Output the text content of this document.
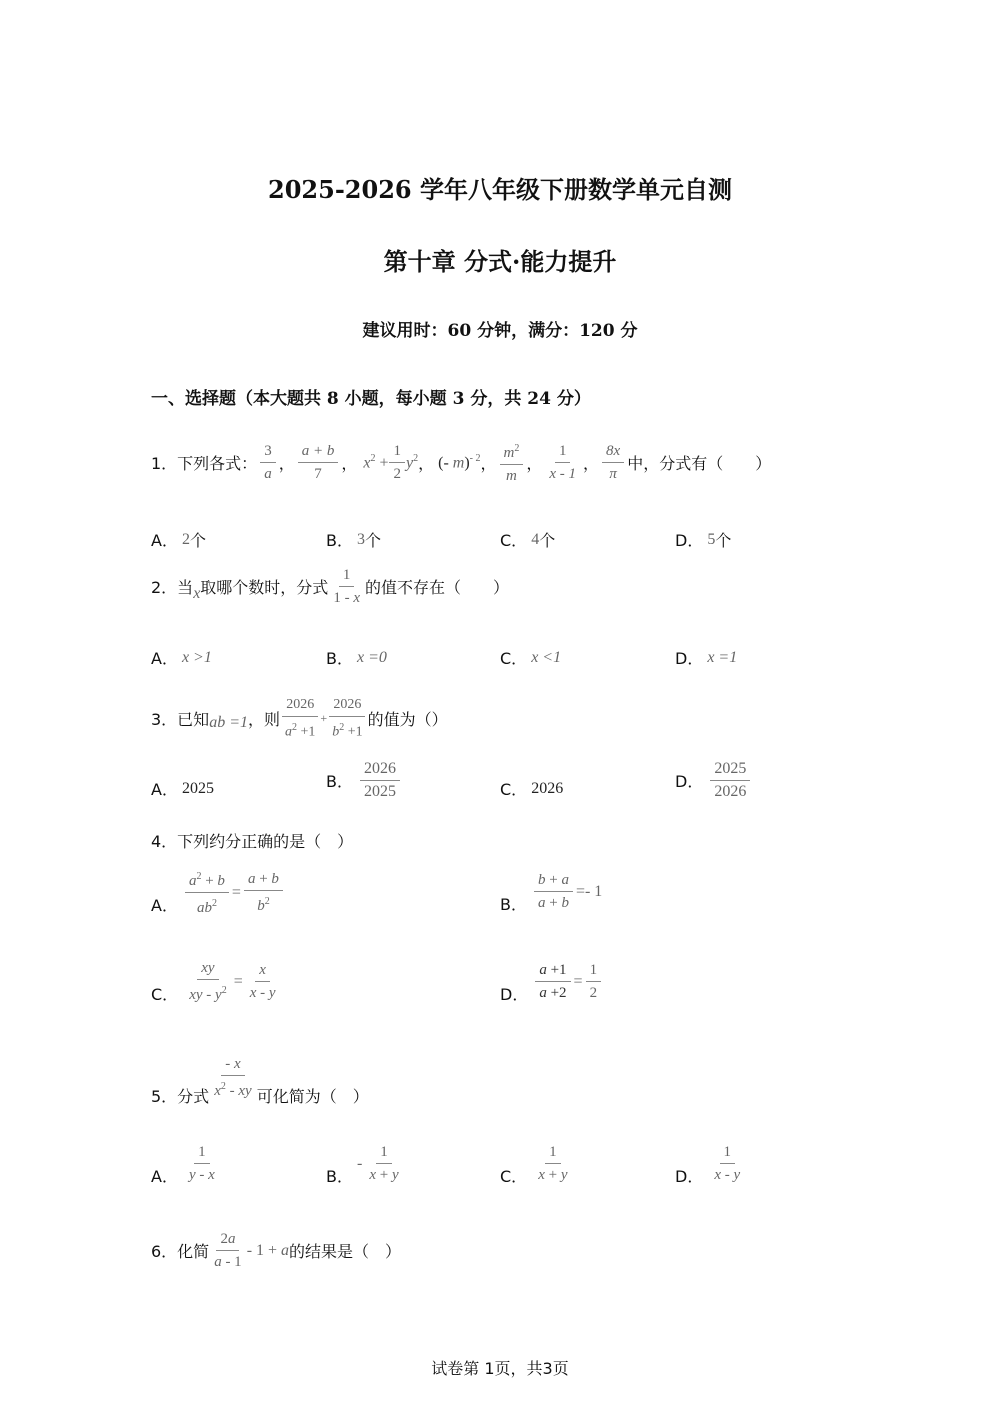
2025-2026 学年八年级下册数学单元自测
第十章 分式·能力提升
建议用时：60 分钟，满分：120 分
一、选择题（本大题共 8 小题，每小题 3 分，共 24 分）
1．下列各式： $\frac{3}{a}$ ， $\frac{a + b}{7}$ ， $x^2 + \frac{1}{2} y^2$ ， (- m)$^{- 2}$ ， $\frac{m^2}{m}$ ， $\frac{1}{x - 1}$ ， $\frac{8x}{\pi}$ 中，分式有（　　）
A． 2 个	B． 3 个	C． 4 个	D． 5 个
2．当 x 取哪个数时，分式 $\frac{1}{1 - x}$ 的值不存在（　　）
A． x >1	B． x =0	C． x <1	D． x =1
3．已知 ab =1 ，则 $\frac{2026}{a^2 +1} + \frac{2026}{b^2 +1}$ 的值为（）
A． 2025	B． $\frac{2026}{2025}$	C． 2026	D． $\frac{2025}{2026}$
4．下列约分正确的是（　）
A． $\frac{a^2 + b}{ab^2} = \frac{a + b}{b^2}$	B． $\frac{b + a}{a + b} =- 1$
C． $\frac{xy}{xy - y^2} = \frac{x}{x - y}$	D． $\frac{a +1}{a +2} = \frac{1}{2}$
5．分式 $\frac{- x}{x^2 - xy}$ 可化简为（　）
A． $\frac{1}{y - x}$	B．
- $\frac{1}{x + y}$	C． $\frac{1}{x + y}$	D． $\frac{1}{x - y}$
6．化简 $\frac{2a}{a - 1} - 1 + a$ 的结果是（　）
试卷第 1页，共3页
